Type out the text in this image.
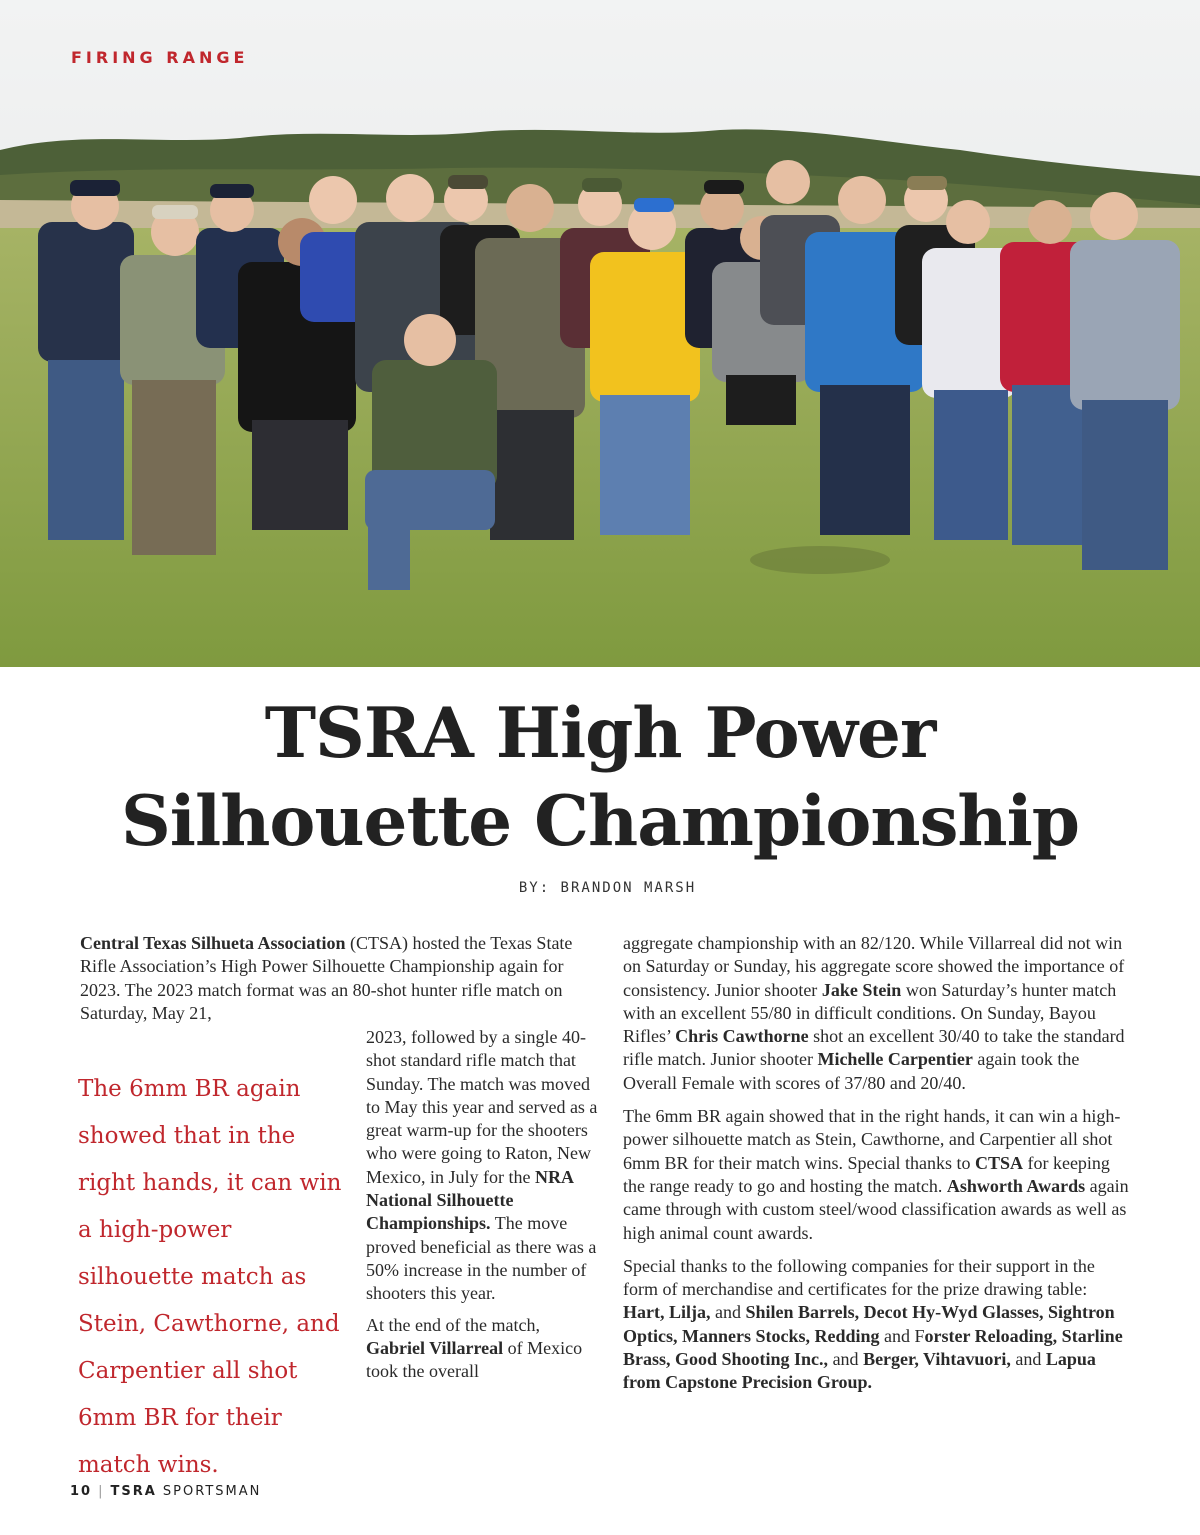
FIRING RANGE
TSRA High Power
Silhouette Championship
BY: BRANDON MARSH

Central Texas Silhueta Association (CTSA) hosted the Texas State Rifle Association’s High Power Silhouette Championship again for 2023. The 2023 match format was an 80-shot hunter rifle match on Saturday, May 21,

The 6mm BR again showed that in the right hands, it can win a high-power silhouette match as Stein, Cawthorne, and Carpentier all shot 6mm BR for their match wins.

2023, followed by a single 40-shot standard rifle match that Sunday. The match was moved to May this year and served as a great warm-up for the shooters who were going to Raton, New Mexico, in July for the NRA National Silhouette Championships. The move proved beneficial as there was a 50% increase in the number of shooters this year.

At the end of the match, Gabriel Villarreal of Mexico took the overall

aggregate championship with an 82/120. While Villarreal did not win on Saturday or Sunday, his aggregate score showed the importance of consistency. Junior shooter Jake Stein won Saturday’s hunter match with an excellent 55/80 in difficult conditions. On Sunday, Bayou Rifles’ Chris Cawthorne shot an excellent 30/40 to take the standard rifle match. Junior shooter Michelle Carpentier again took the Overall Female with scores of 37/80 and 20/40.

The 6mm BR again showed that in the right hands, it can win a high-power silhouette match as Stein, Cawthorne, and Carpentier all shot 6mm BR for their match wins. Special thanks to CTSA for keeping the range ready to go and hosting the match. Ashworth Awards again came through with custom steel/wood classification awards as well as high animal count awards.

Special thanks to the following companies for their support in the form of merchandise and certificates for the prize drawing table: Hart, Lilja, and Shilen Barrels, Decot Hy-Wyd Glasses, Sightron Optics, Manners Stocks, Redding and Forster Reloading, Starline Brass, Good Shooting Inc., and Berger, Vihtavuori, and Lapua from Capstone Precision Group.

10 | TSRA SPORTSMAN
